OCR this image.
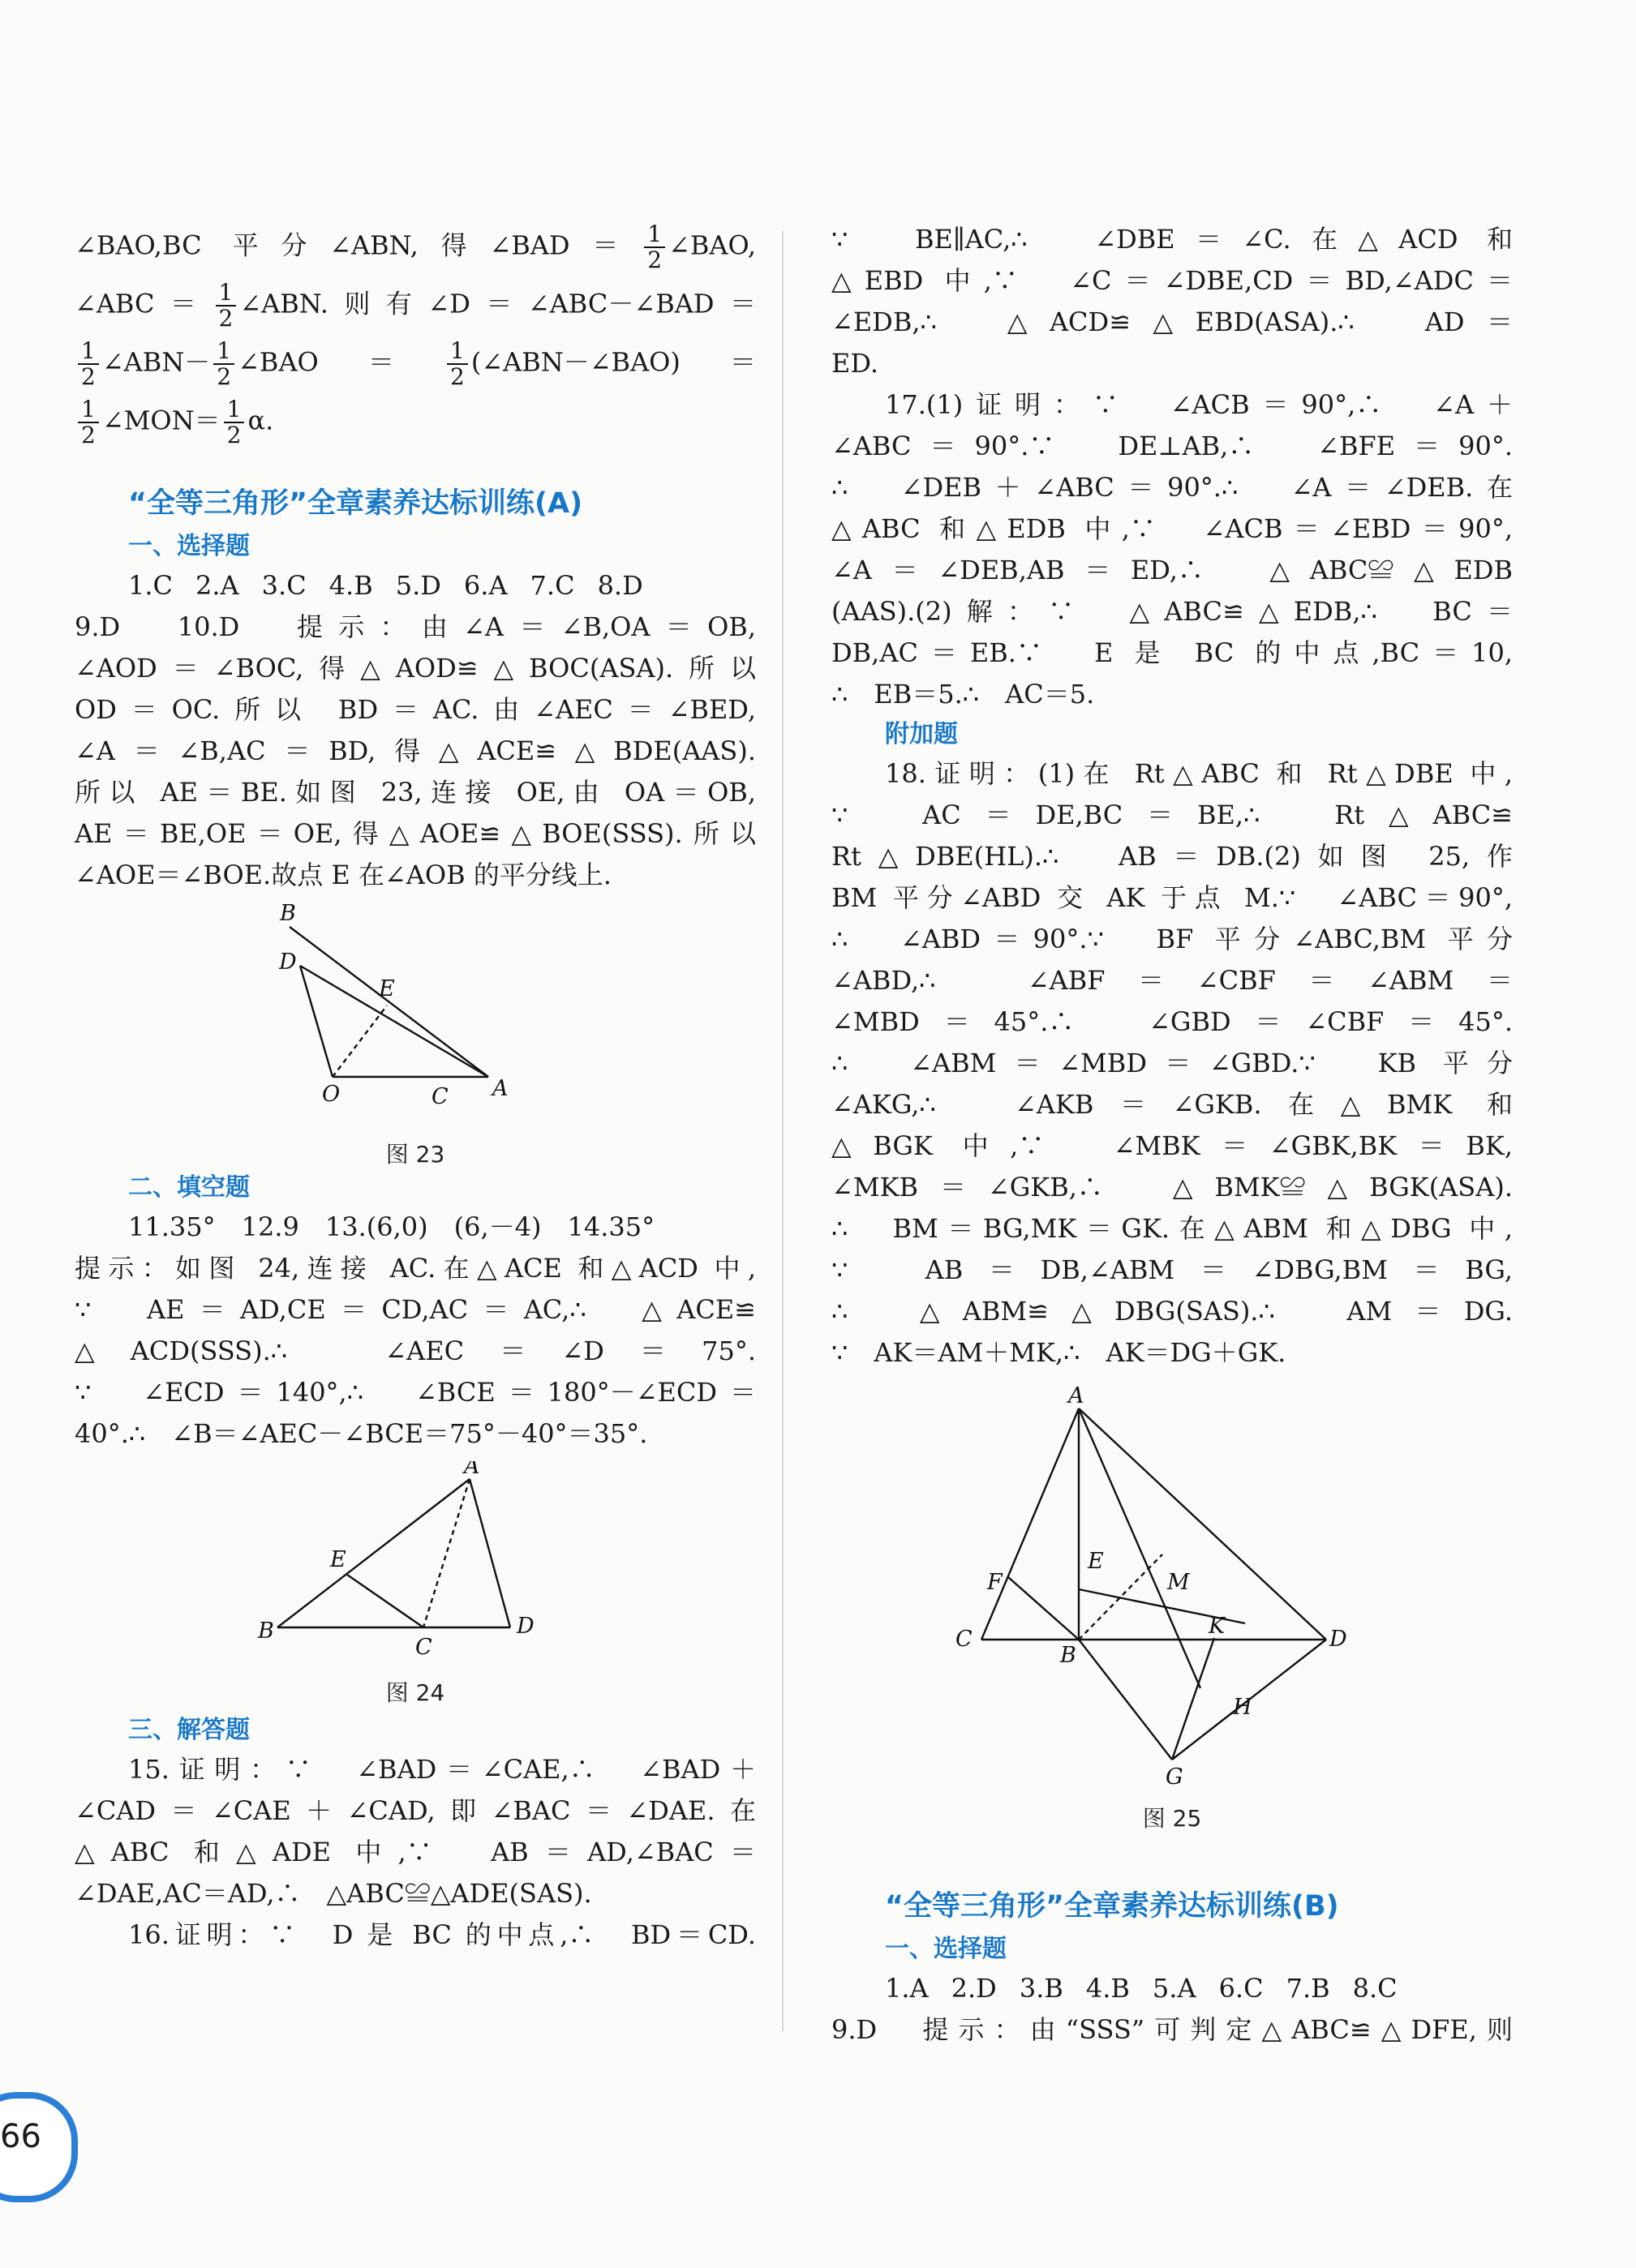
∠BAO,BC 平分∠ABN,得∠BAD＝ $\frac{1}{2}$ ∠BAO,
∠ABC＝ $\frac{1}{2}$ ∠ABN.则有∠D＝∠ABC－∠BAD＝
$\frac{1}{2}$ ∠ABN－ $\frac{1}{2}$ ∠BAO＝ $\frac{1}{2}$ (∠ABN－∠BAO)＝
$\frac{1}{2}$ ∠MON＝ $\frac{1}{2} \alpha$.
“全等三角形”全章素养达标训练(A)
一、选择题
1.C 2.A 3.C 4.B 5.D 6.A 7.C 8.D
9.D　10.D　提示：由∠A＝∠B,OA＝OB,
∠AOD＝∠BOC,得△AOD≌△BOC(ASA).所以
OD＝OC.所以 BD＝AC.由∠AEC＝∠BED,
∠A＝∠B,AC＝BD,得△ACE≌△BDE(AAS).
所以 AE＝BE.如图 23,连接 OE,由 OA＝OB,
AE＝BE,OE＝OE,得△AOE≌△BOE(SSS).所以
∠AOE＝∠BOE.故点 E 在∠AOB 的平分线上.
B
D
E
O	C A
图 23
二、填空题
11.35°　12.9　13.(6,0)　(6,－4)　14.35°
提示：如图 24,连接 AC.在△ACE 和△ACD 中,
∵　AE＝AD,CE＝CD,AC＝AC,∴　△ACE≌
△ACD(SSS).∴　∠AEC＝∠D＝75°.
∵　∠ECD＝140°,∴　∠BCE＝180°－∠ECD＝
40°.∴　∠B＝∠AEC－∠BCE＝75°－40°＝35°.
A
E
B
C
D
图 24
三、解答题
15.证明：∵　∠BAD＝∠CAE,∴　∠BAD＋
∠CAD＝∠CAE＋∠CAD,即∠BAC＝∠DAE.在
△ABC 和△ADE 中,∵　AB＝AD,∠BAC＝
∠DAE,AC＝AD,∴　△ABC≌△ADE(SAS).
16.证明：∵　D 是 BC 的中点,∴　BD＝CD.
∵　BE∥AC,∴　∠DBE＝∠C.在△ACD 和
△EBD 中,∵　∠C＝∠DBE,CD＝BD,∠ADC＝
∠EDB,∴　△ACD≌△EBD(ASA).∴　AD＝
ED.
17.(1)证明：∵　∠ACB＝90°,∴　∠A＋
∠ABC＝90°.∵　DE⊥AB,∴　∠BFE＝90°.
∴　∠DEB＋∠ABC＝90°.∴　∠A＝∠DEB.在
△ABC 和△EDB 中,∵　∠ACB＝∠EBD＝90°,
∠A＝∠DEB,AB＝ED,∴　△ABC≌△EDB
(AAS).(2)解：∵　△ABC≌△EDB,∴　BC＝
DB,AC＝EB.∵　E 是 BC 的中点,BC＝10,
∴　EB＝5.∴　AC＝5.
附加题
18.证明：(1)在 Rt△ABC 和 Rt△DBE 中,
∵　AC＝DE,BC＝BE,∴　Rt△ABC≌
Rt△DBE(HL).∴　AB＝DB.(2)如图 25,作
BM 平分∠ABD 交 AK 于点 M.∵　∠ABC＝90°,
∴　∠ABD＝90°.∵　BF 平分∠ABC,BM 平分
∠ABD,∴　∠ABF＝∠CBF＝∠ABM＝
∠MBD＝45°.∴　∠GBD＝∠CBF＝45°.
∴　∠ABM＝∠MBD＝∠GBD.∵　KB 平分
∠AKG,∴　∠AKB＝∠GKB.在△BMK 和
△BGK 中,∵　∠MBK＝∠GBK,BK＝BK,
∠MKB＝∠GKB,∴　△BMK≌△BGK(ASA).
∴　BM＝BG,MK＝GK.在△ABM 和△DBG 中,
∵　AB＝DB,∠ABM＝∠DBG,BM＝BG,
∴　△ABM≌△DBG(SAS).∴　AM＝DG.
∵　AK＝AM＋MK,∴　AK＝DG＋GK.
A
E
M
F
K
C
B
D
H
G
图 25
“全等三角形”全章素养达标训练(B)
一、选择题
1.A 2.D 3.B 4.B 5.A 6.C 7.B 8.C
9.D　提示：由“SSS”可判定△ABC≌△DFE,则
66
